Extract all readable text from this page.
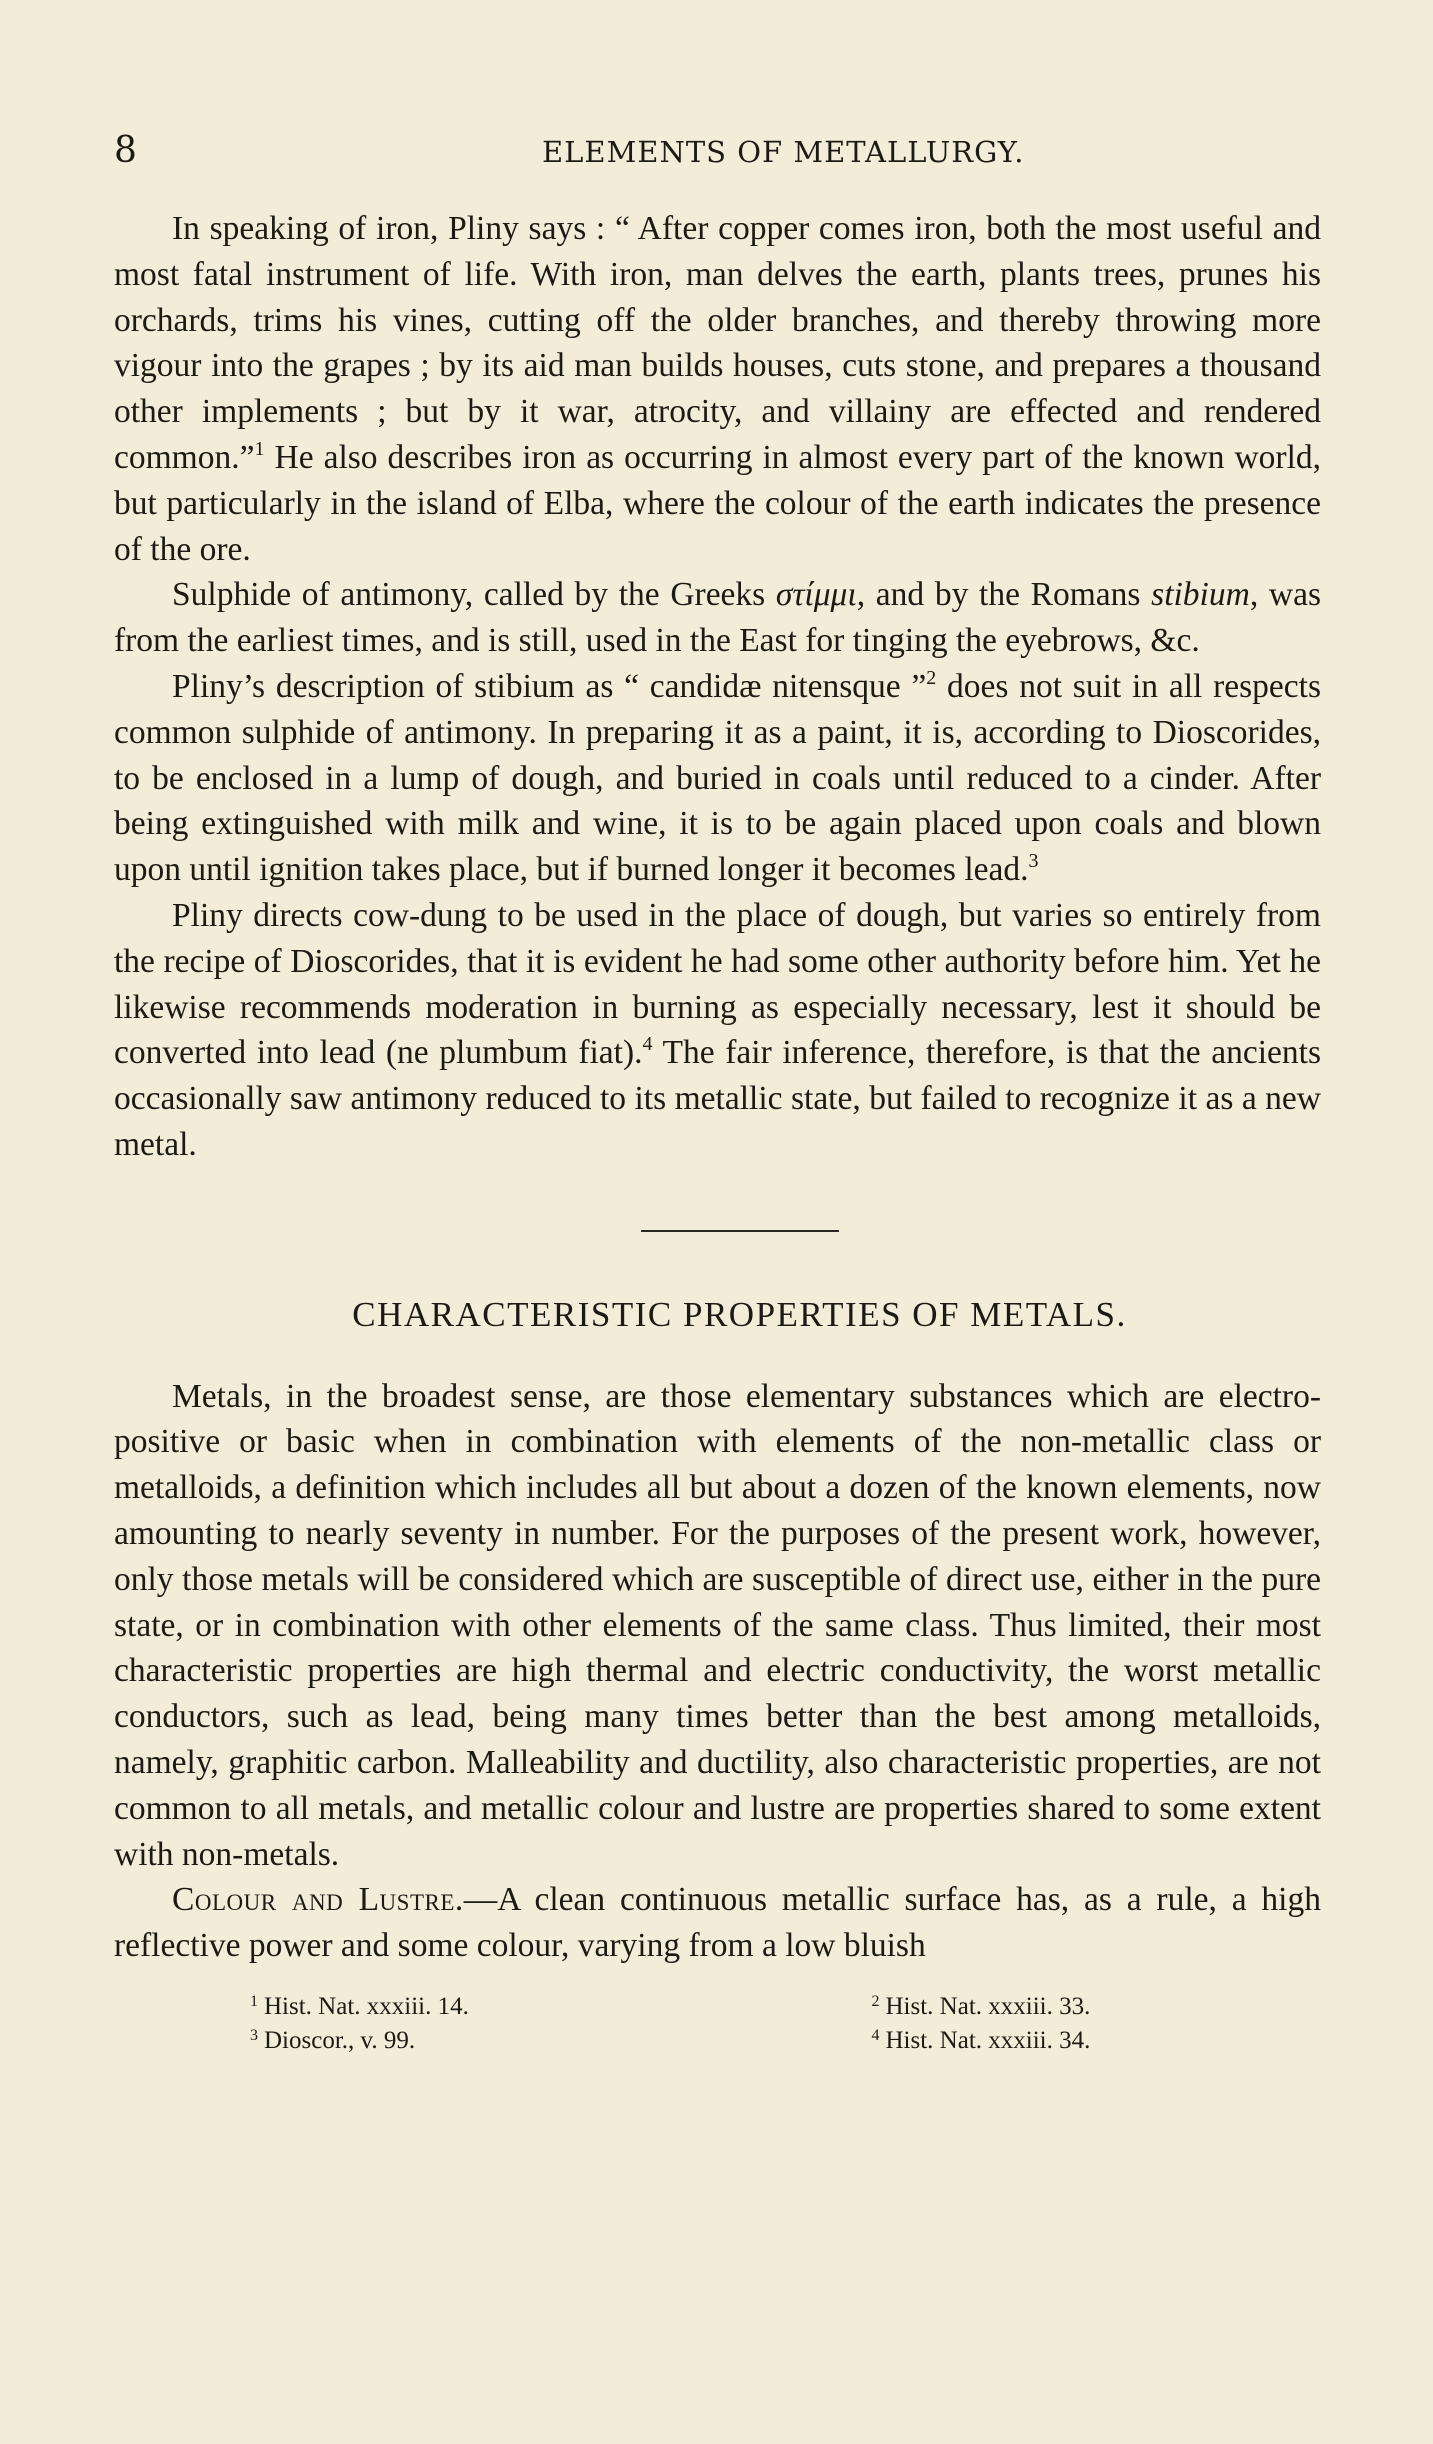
8	ELEMENTS OF METALLURGY.

In speaking of iron, Pliny says : “ After copper comes iron, both the most useful and most fatal instrument of life. With iron, man delves the earth, plants trees, prunes his orchards, trims his vines, cutting off the older branches, and thereby throwing more vigour into the grapes ; by its aid man builds houses, cuts stone, and prepares a thousand other implements ; but by it war, atrocity, and villainy are effected and rendered common.”$^1$ He also describes iron as occurring in almost every part of the known world, but particularly in the island of Elba, where the colour of the earth indicates the presence of the ore.

Sulphide of antimony, called by the Greeks στίμμι, and by the Romans stibium, was from the earliest times, and is still, used in the East for tinging the eyebrows, &c.

Pliny’s description of stibium as “ candidæ nitensque ”$^2$ does not suit in all respects common sulphide of antimony. In preparing it as a paint, it is, according to Dioscorides, to be enclosed in a lump of dough, and buried in coals until reduced to a cinder. After being extinguished with milk and wine, it is to be again placed upon coals and blown upon until ignition takes place, but if burned longer it becomes lead.$^3$

Pliny directs cow-dung to be used in the place of dough, but varies so entirely from the recipe of Dioscorides, that it is evident he had some other authority before him. Yet he likewise recommends moderation in burning as especially necessary, lest it should be converted into lead (ne plumbum fiat).$^4$ The fair inference, therefore, is that the ancients occasionally saw antimony reduced to its metallic state, but failed to recognize it as a new metal.

CHARACTERISTIC PROPERTIES OF METALS.

Metals, in the broadest sense, are those elementary substances which are electro-positive or basic when in combination with elements of the non-metallic class or metalloids, a definition which includes all but about a dozen of the known elements, now amounting to nearly seventy in number. For the purposes of the present work, however, only those metals will be considered which are susceptible of direct use, either in the pure state, or in combination with other elements of the same class. Thus limited, their most characteristic properties are high thermal and electric conductivity, the worst metallic conductors, such as lead, being many times better than the best among metalloids, namely, graphitic carbon. Malleability and ductility, also characteristic properties, are not common to all metals, and metallic colour and lustre are properties shared to some extent with non-metals.

Colour and Lustre.—A clean continuous metallic surface has, as a rule, a high reflective power and some colour, varying from a low bluish

$^1$ Hist. Nat. xxxiii. 14.	$^2$ Hist. Nat. xxxiii. 33.
$^3$ Dioscor., v. 99.	$^4$ Hist. Nat. xxxiii. 34.
